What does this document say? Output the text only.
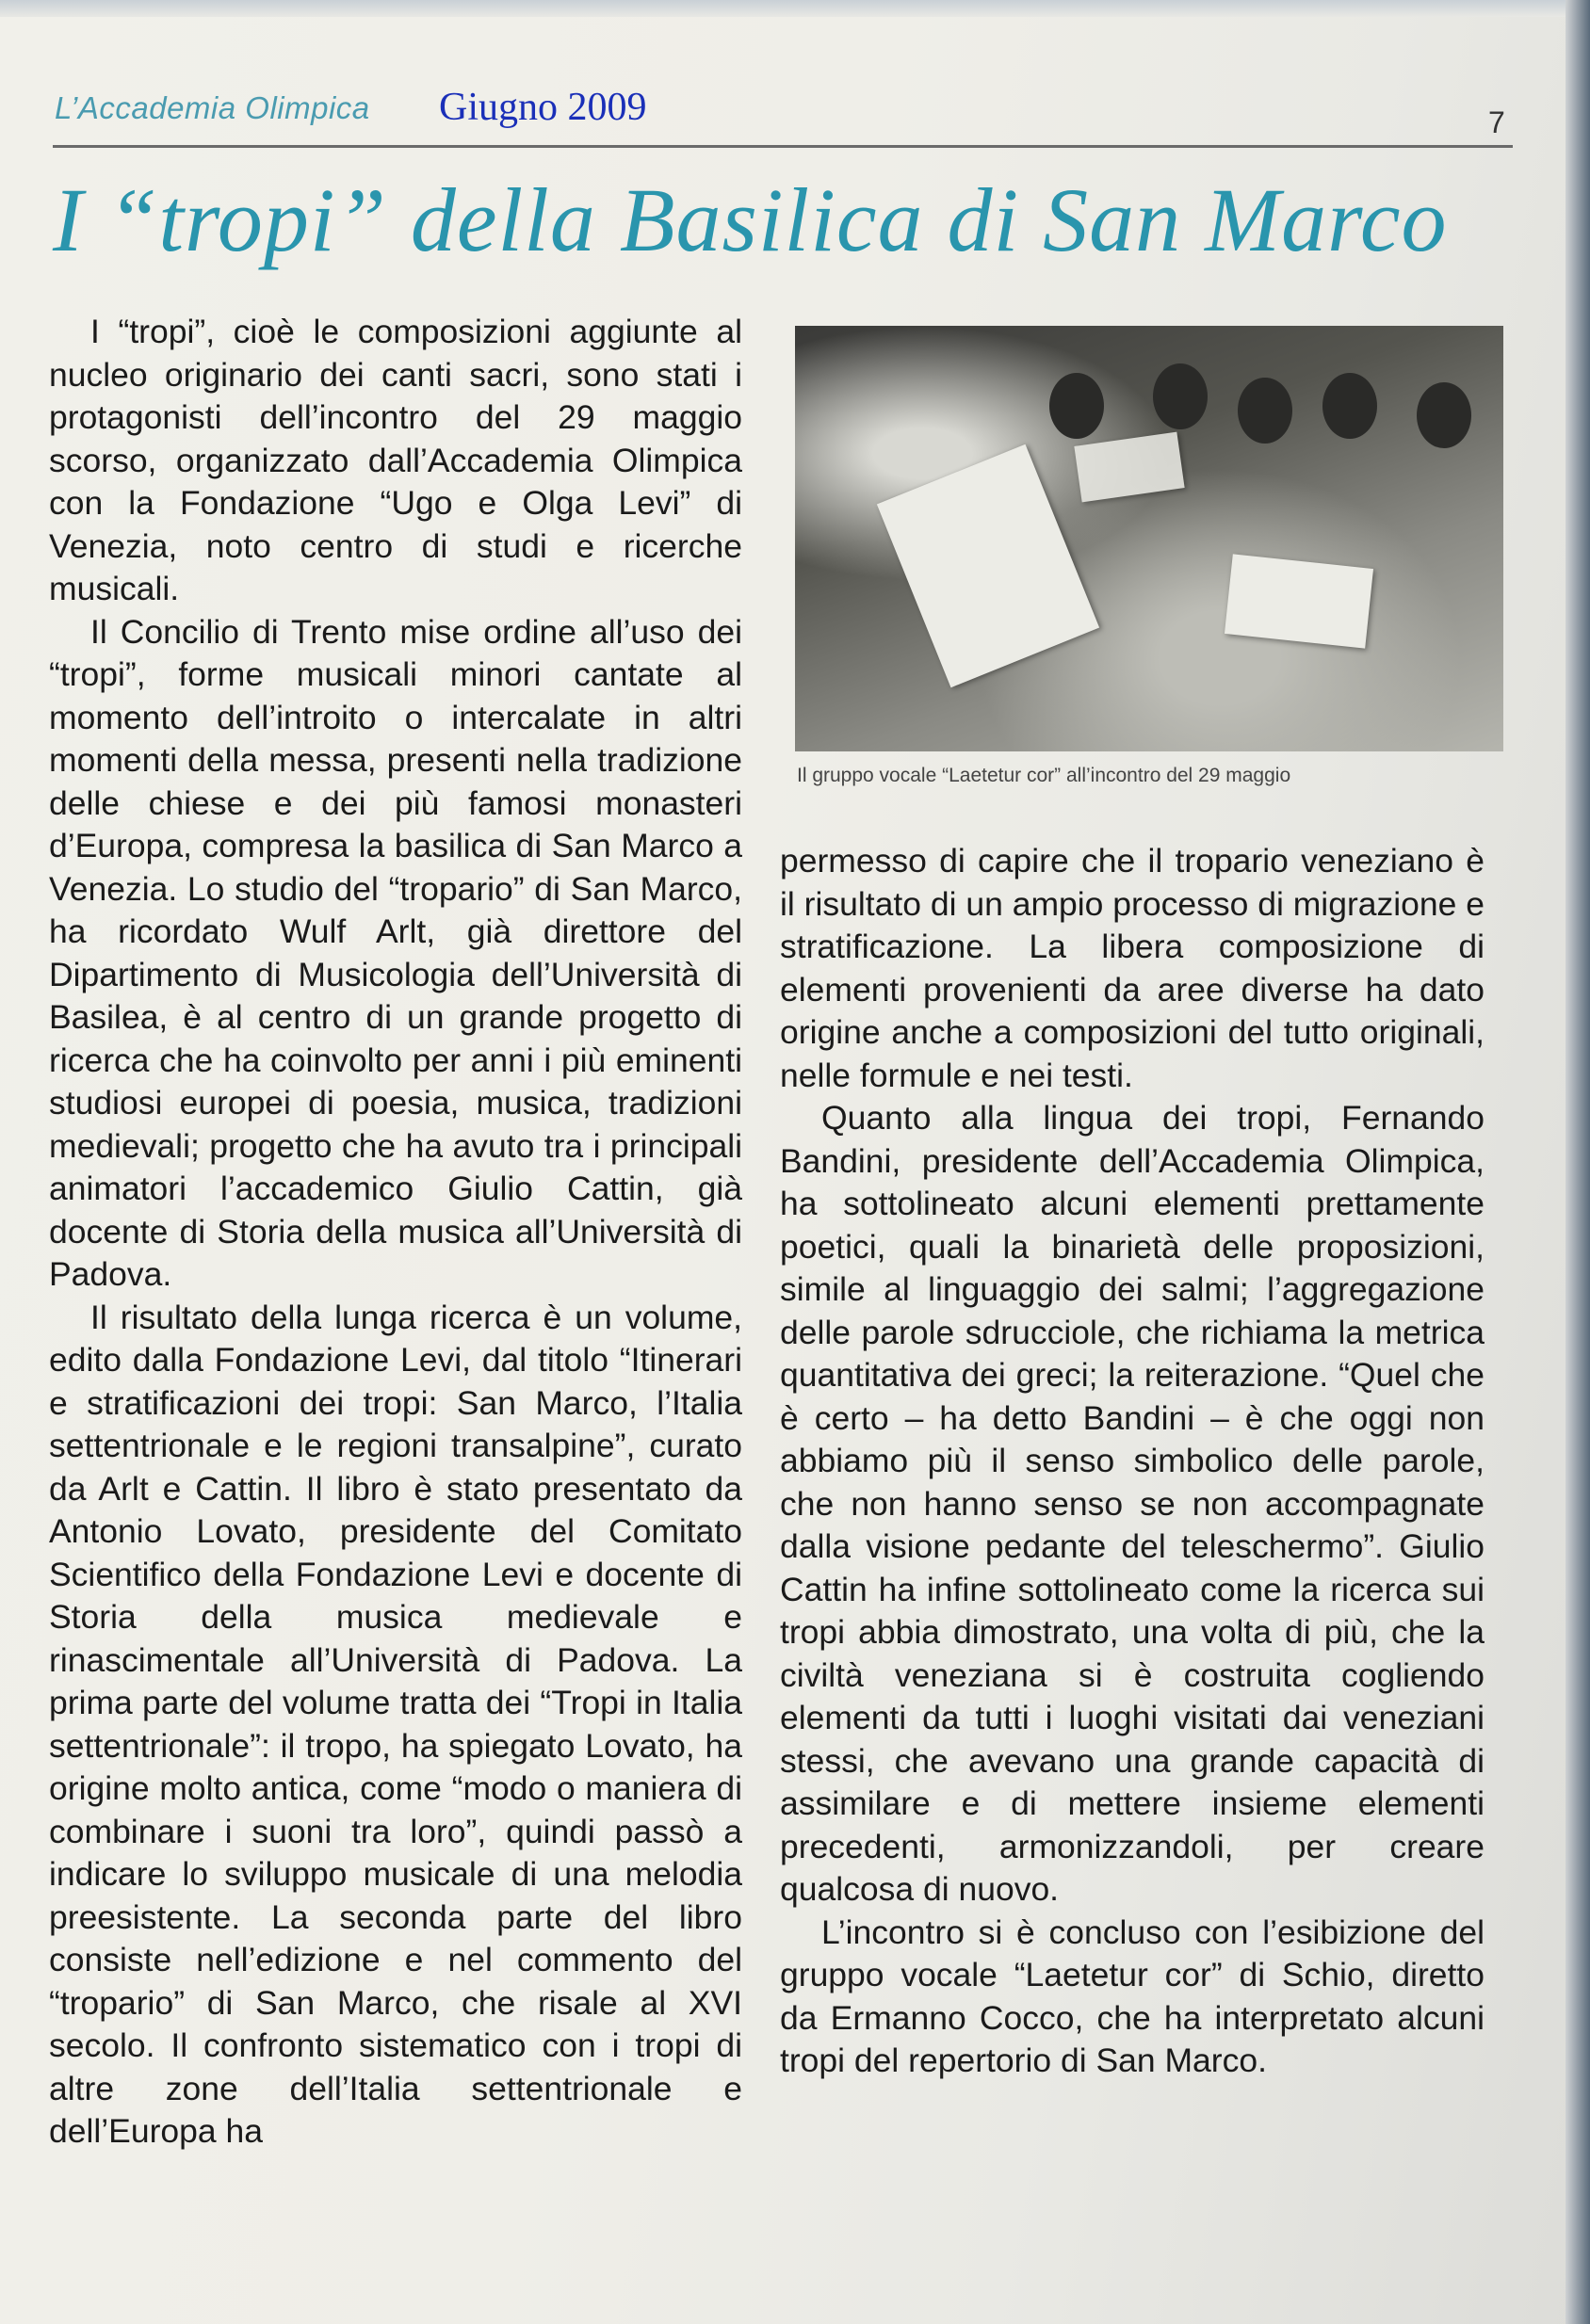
L’Accademia Olimpica Giugno 2009	7
I “tropi” della Basilica di San Marco

I “tropi”, cioè le composizioni aggiunte al nucleo originario dei canti sacri, sono stati i protagonisti dell’incontro del 29 maggio scorso, organizzato dall’Accademia Olimpica con la Fondazione “Ugo e Olga Levi” di Venezia, noto centro di studi e ricerche musicali.

Il Concilio di Trento mise ordine all’uso dei “tropi”, forme musicali minori cantate al momento dell’introito o intercalate in altri momenti della messa, presenti nella tradizione delle chiese e dei più famosi monasteri d’Europa, compresa la basilica di San Marco a Venezia. Lo studio del “tropario” di San Marco, ha ricordato Wulf Arlt, già direttore del Dipartimento di Musicologia dell’Università di Basilea, è al centro di un grande progetto di ricerca che ha coinvolto per anni i più eminenti studiosi europei di poesia, musica, tradizioni medievali; progetto che ha avuto tra i principali animatori l’accademico Giulio Cattin, già docente di Storia della musica all’Università di Padova.

Il risultato della lunga ricerca è un volume, edito dalla Fondazione Levi, dal titolo “Itinerari e stratificazioni dei tropi: San Marco, l’Italia settentrionale e le regioni transalpine”, curato da Arlt e Cattin. Il libro è stato presentato da Antonio Lovato, presidente del Comitato Scientifico della Fondazione Levi e docente di Storia della musica medievale e rinascimentale all’Università di Padova. La prima parte del volume tratta dei “Tropi in Italia settentrionale”: il tropo, ha spiegato Lovato, ha origine molto antica, come “modo o maniera di combinare i suoni tra loro”, quindi passò a indicare lo sviluppo musicale di una melodia preesistente. La seconda parte del libro consiste nell’edizione e nel commento del “tropario” di San Marco, che risale al XVI secolo. Il confronto sistematico con i tropi di altre zone dell’Italia settentrionale e dell’Europa ha

Il gruppo vocale “Laetetur cor” all’incontro del 29 maggio

permesso di capire che il tropario veneziano è il risultato di un ampio processo di migrazione e stratificazione. La libera composizione di elementi provenienti da aree diverse ha dato origine anche a composizioni del tutto originali, nelle formule e nei testi.

Quanto alla lingua dei tropi, Fernando Bandini, presidente dell’Accademia Olimpica, ha sottolineato alcuni elementi prettamente poetici, quali la binarietà delle proposizioni, simile al linguaggio dei salmi; l’aggregazione delle parole sdrucciole, che richiama la metrica quantitativa dei greci; la reiterazione. “Quel che è certo – ha detto Bandini – è che oggi non abbiamo più il senso simbolico delle parole, che non hanno senso se non accompagnate dalla visione pedante del teleschermo”. Giulio Cattin ha infine sottolineato come la ricerca sui tropi abbia dimostrato, una volta di più, che la civiltà veneziana si è costruita cogliendo elementi da tutti i luoghi visitati dai veneziani stessi, che avevano una grande capacità di assimilare e di mettere insieme elementi precedenti, armonizzandoli, per creare qualcosa di nuovo.

L’incontro si è concluso con l’esibizione del gruppo vocale “Laetetur cor” di Schio, diretto da Ermanno Cocco, che ha interpretato alcuni tropi del repertorio di San Marco.
